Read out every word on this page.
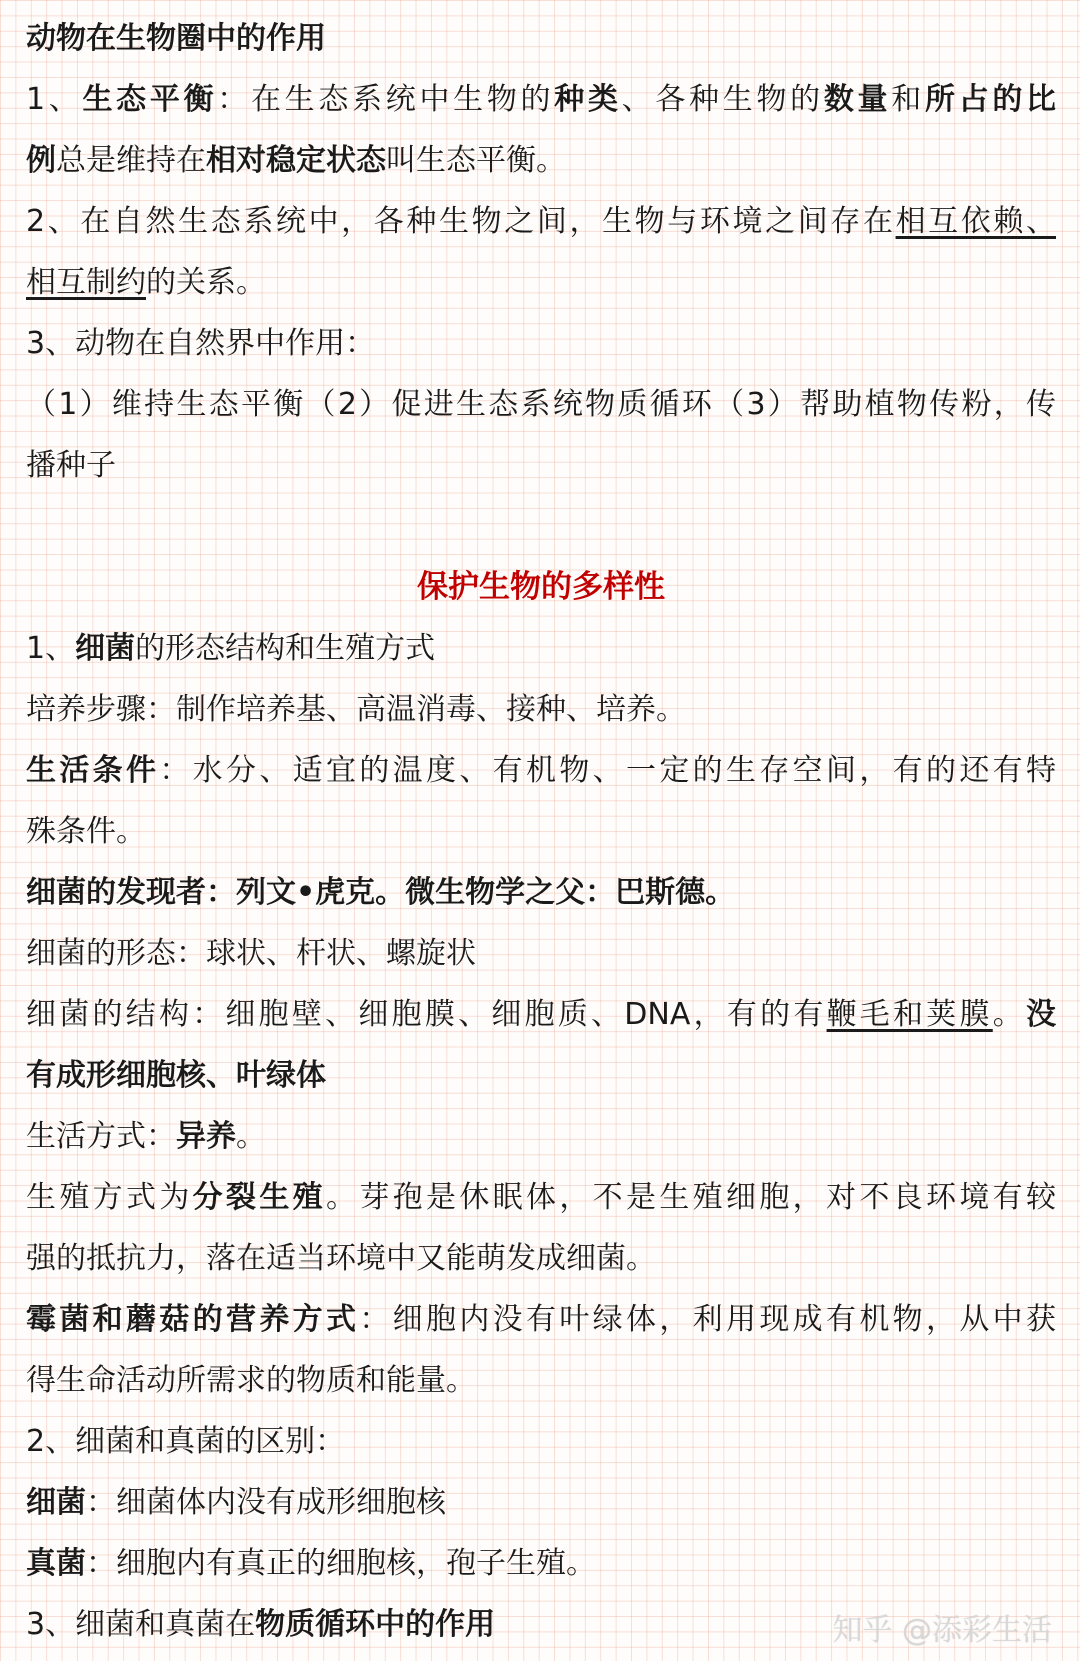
动物在生物圈中的作用
1、生态平衡：在生态系统中生物的种类、各种生物的数量和所占的比
例总是维持在相对稳定状态叫生态平衡。
2、在自然生态系统中，各种生物之间，生物与环境之间存在相互依赖、
相互制约的关系。
3、动物在自然界中作用：
（1）维持生态平衡（2）促进生态系统物质循环（3）帮助植物传粉，传
播种子
保护生物的多样性
1、细菌的形态结构和生殖方式
培养步骤：制作培养基、高温消毒、接种、培养。
生活条件：水分、适宜的温度、有机物、一定的生存空间，有的还有特
殊条件。
细菌的发现者：列文•虎克。微生物学之父：巴斯德。
细菌的形态：球状、杆状、螺旋状
细菌的结构：细胞壁、细胞膜、细胞质、DNA，有的有鞭毛和荚膜。没
有成形细胞核、叶绿体
生活方式：异养。
生殖方式为分裂生殖。芽孢是休眠体，不是生殖细胞，对不良环境有较
强的抵抗力，落在适当环境中又能萌发成细菌。
霉菌和蘑菇的营养方式：细胞内没有叶绿体，利用现成有机物，从中获
得生命活动所需求的物质和能量。
2、细菌和真菌的区别：
细菌：细菌体内没有成形细胞核
真菌：细胞内有真正的细胞核，孢子生殖。
3、细菌和真菌在物质循环中的作用	知乎 @添彩生活
